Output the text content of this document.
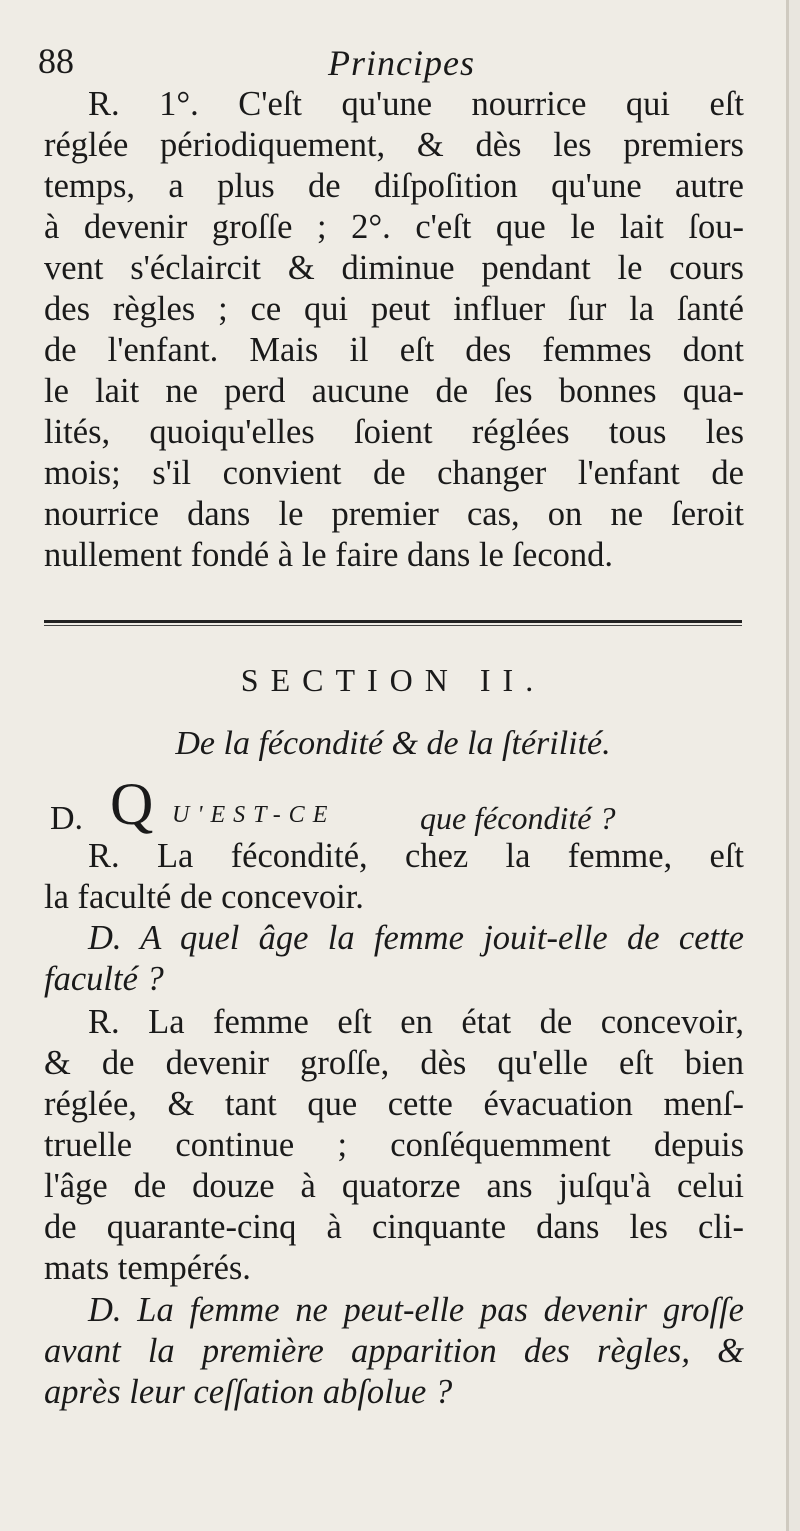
88	Principes
R. 1°. C'eſt qu'une nourrice qui eſt
réglée périodiquement, & dès les premiers
temps, a plus de diſpoſition qu'une autre
à devenir groſſe ; 2°. c'eſt que le lait ſou-
vent s'éclaircit & diminue pendant le cours
des règles ; ce qui peut influer ſur la ſanté
de l'enfant. Mais il eſt des femmes dont
le lait ne perd aucune de ſes bonnes qua-
lités, quoiqu'elles ſoient réglées tous les
mois; s'il convient de changer l'enfant de
nourrice dans le premier cas, on ne ſeroit
nullement fondé à le faire dans le ſecond.
SECTION II.
De la fécondité & de la ſtérilité.
D. Q U'EST-CE	que fécondité ?
R. La fécondité, chez la femme, eſt
la faculté de concevoir.
D. A quel âge la femme jouit-elle de cette
faculté ?
R. La femme eſt en état de concevoir,
& de devenir groſſe, dès qu'elle eſt bien
réglée, & tant que cette évacuation menſ-
truelle continue ; conſéquemment depuis
l'âge de douze à quatorze ans juſqu'à celui
de quarante-cinq à cinquante dans les cli-
mats tempérés.
D. La femme ne peut-elle pas devenir groſſe
avant la première apparition des règles, &
après leur ceſſation abſolue ?
